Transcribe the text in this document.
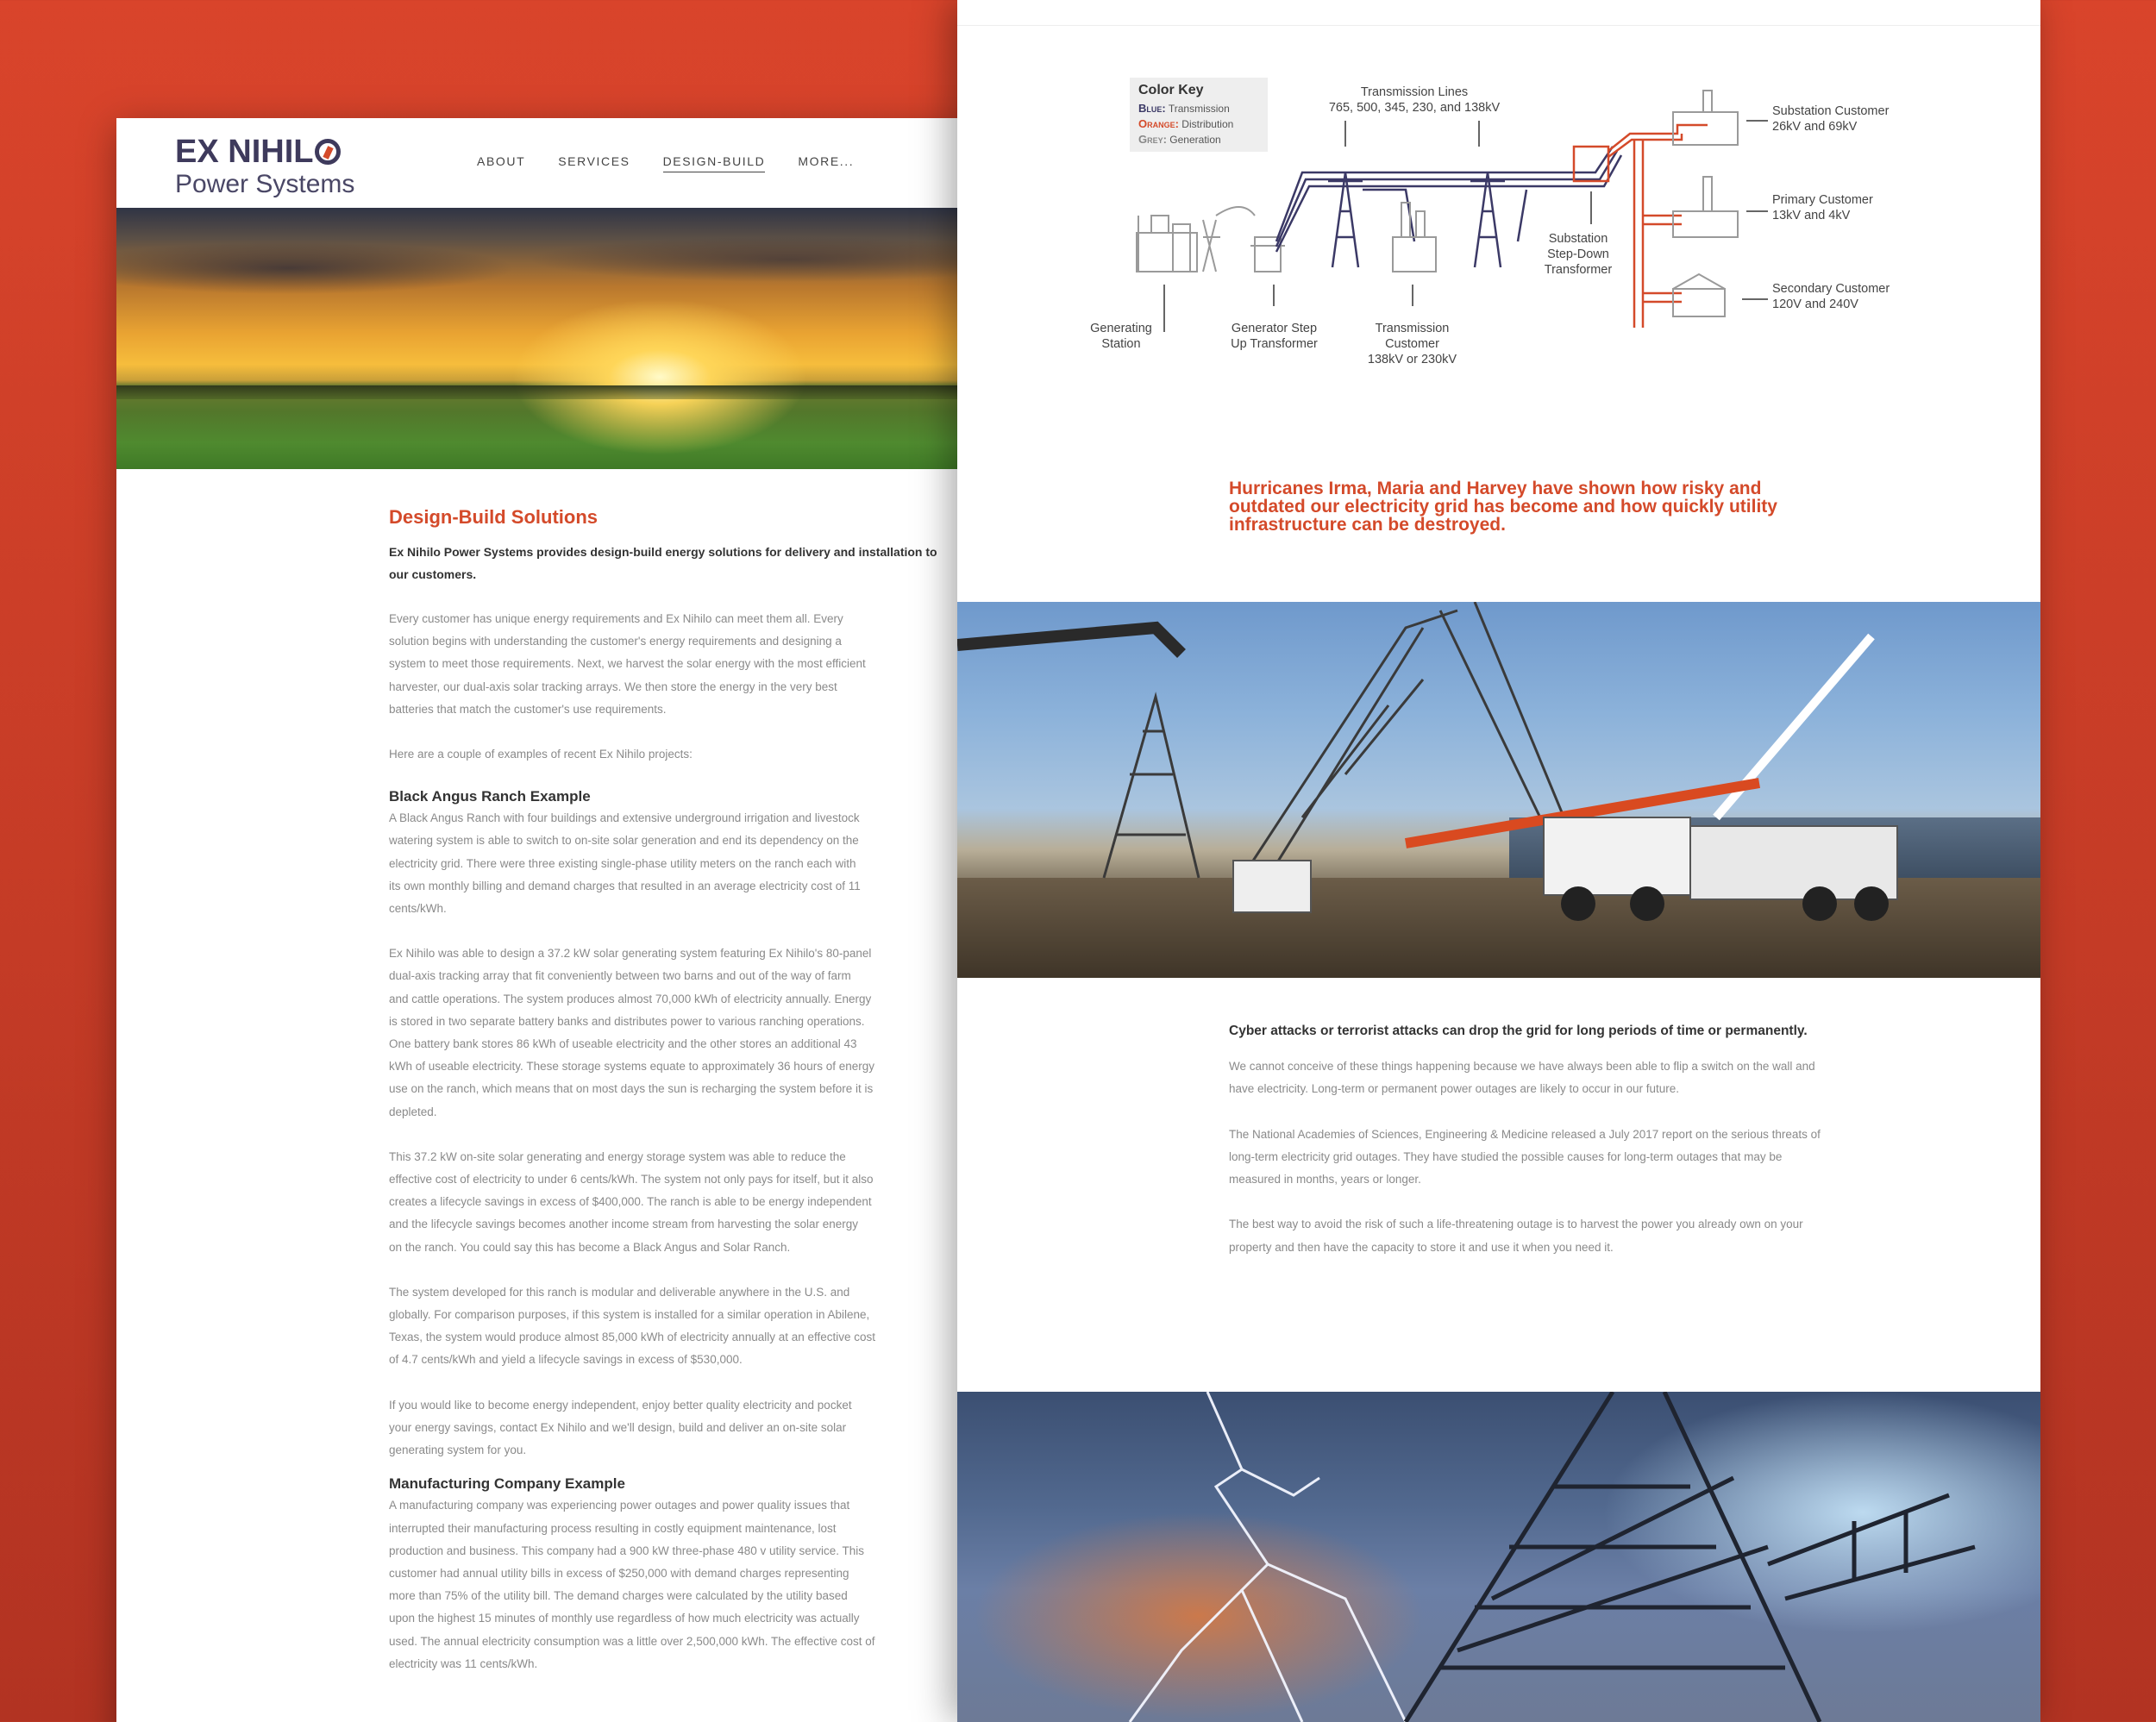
EX NIHIL
Power Systems
ABOUT	SERVICES	DESIGN-BUILD	MORE...
Design-Build Solutions

Ex Nihilo Power Systems provides design-build energy solutions for delivery and installation to our customers.

Every customer has unique energy requirements and Ex Nihilo can meet them all. Every
solution begins with understanding the customer's energy requirements and designing a
system to meet those requirements. Next, we harvest the solar energy with the most efficient
harvester, our dual-axis solar tracking arrays. We then store the energy in the very best
batteries that match the customer's use requirements.

Here are a couple of examples of recent Ex Nihilo projects:

Black Angus Ranch Example

A Black Angus Ranch with four buildings and extensive underground irrigation and livestock
watering system is able to switch to on-site solar generation and end its dependency on the
electricity grid. There were three existing single-phase utility meters on the ranch each with
its own monthly billing and demand charges that resulted in an average electricity cost of 11
cents/kWh.

Ex Nihilo was able to design a 37.2 kW solar generating system featuring Ex Nihilo's 80-panel
dual-axis tracking array that fit conveniently between two barns and out of the way of farm
and cattle operations. The system produces almost 70,000 kWh of electricity annually. Energy
is stored in two separate battery banks and distributes power to various ranching operations.
One battery bank stores 86 kWh of useable electricity and the other stores an additional 43
kWh of useable electricity. These storage systems equate to approximately 36 hours of energy
use on the ranch, which means that on most days the sun is recharging the system before it is
depleted.

This 37.2 kW on-site solar generating and energy storage system was able to reduce the
effective cost of electricity to under 6 cents/kWh. The system not only pays for itself, but it also
creates a lifecycle savings in excess of $400,000. The ranch is able to be energy independent
and the lifecycle savings becomes another income stream from harvesting the solar energy
on the ranch. You could say this has become a Black Angus and Solar Ranch.

The system developed for this ranch is modular and deliverable anywhere in the U.S. and
globally. For comparison purposes, if this system is installed for a similar operation in Abilene,
Texas, the system would produce almost 85,000 kWh of electricity annually at an effective cost
of 4.7 cents/kWh and yield a lifecycle savings in excess of $530,000.

If you would like to become energy independent, enjoy better quality electricity and pocket
your energy savings, contact Ex Nihilo and we'll design, build and deliver an on-site solar
generating system for you.

Manufacturing Company Example

A manufacturing company was experiencing power outages and power quality issues that
interrupted their manufacturing process resulting in costly equipment maintenance, lost
production and business. This company had a 900 kW three-phase 480 v utility service. This
customer had annual utility bills in excess of $250,000 with demand charges representing
more than 75% of the utility bill. The demand charges were calculated by the utility based
upon the highest 15 minutes of monthly use regardless of how much electricity was actually
used. The annual electricity consumption was a little over 2,500,000 kWh. The effective cost of
electricity was 11 cents/kWh.

Color Key
Blue: Transmission
Orange: Distribution
Grey: Generation
Transmission Lines
765, 500, 345, 230, and 138kV	Substation Customer
26kV and 69kV
Primary Customer
13kV and 4kV
Secondary Customer
120V and 240V
Substation
Step-Down
Transformer
Generating
Station
Generator Step
Up Transformer
Transmission
Customer
138kV or 230kV
Hurricanes Irma, Maria and Harvey have shown how risky and outdated our electricity grid has become and how quickly utility infrastructure can be destroyed.
Cyber attacks or terrorist attacks can drop the grid for long periods of time or permanently.

We cannot conceive of these things happening because we have always been able to flip a switch on the wall and have electricity. Long-term or permanent power outages are likely to occur in our future.

The National Academies of Sciences, Engineering & Medicine released a July 2017 report on the serious threats of long-term electricity grid outages. They have studied the possible causes for long-term outages that may be measured in months, years or longer.

The best way to avoid the risk of such a life-threatening outage is to harvest the power you already own on your property and then have the capacity to store it and use it when you need it.
